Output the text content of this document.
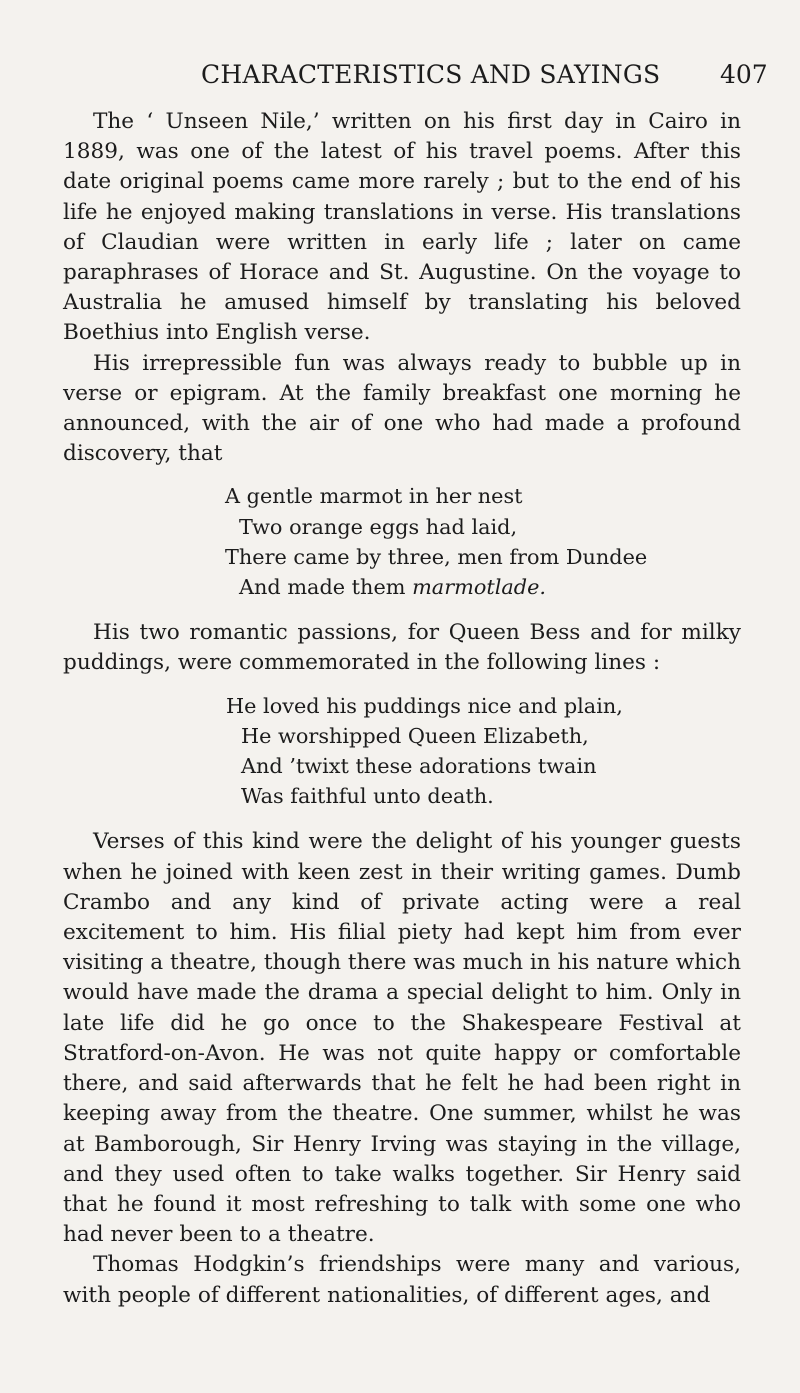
CHARACTERISTICS AND SAYINGS	407

The ‘ Unseen Nile,’ written on his first day in Cairo in 1889, was one of the latest of his travel poems. After this date original poems came more rarely ; but to the end of his life he enjoyed making translations in verse. His translations of Claudian were written in early life ; later on came paraphrases of Horace and St. Augustine. On the voyage to Australia he amused himself by translating his beloved Boethius into English verse.

His irrepressible fun was always ready to bubble up in verse or epigram. At the family breakfast one morning he announced, with the air of one who had made a profound discovery, that

A gentle marmot in her nest
Two orange eggs had laid,
There came by three, men from Dundee
And made them marmotlade.

His two romantic passions, for Queen Bess and for milky puddings, were commemorated in the following lines :

He loved his puddings nice and plain,
He worshipped Queen Elizabeth,
And ’twixt these adorations twain
Was faithful unto death.

Verses of this kind were the delight of his younger guests when he joined with keen zest in their writing games. Dumb Crambo and any kind of private acting were a real excitement to him. His filial piety had kept him from ever visiting a theatre, though there was much in his nature which would have made the drama a special delight to him. Only in late life did he go once to the Shakespeare Festival at Stratford-on-Avon. He was not quite happy or comfortable there, and said afterwards that he felt he had been right in keeping away from the theatre. One summer, whilst he was at Bamborough, Sir Henry Irving was staying in the village, and they used often to take walks together. Sir Henry said that he found it most refreshing to talk with some one who had never been to a theatre.

Thomas Hodgkin’s friendships were many and various, with people of different nationalities, of different ages, and
